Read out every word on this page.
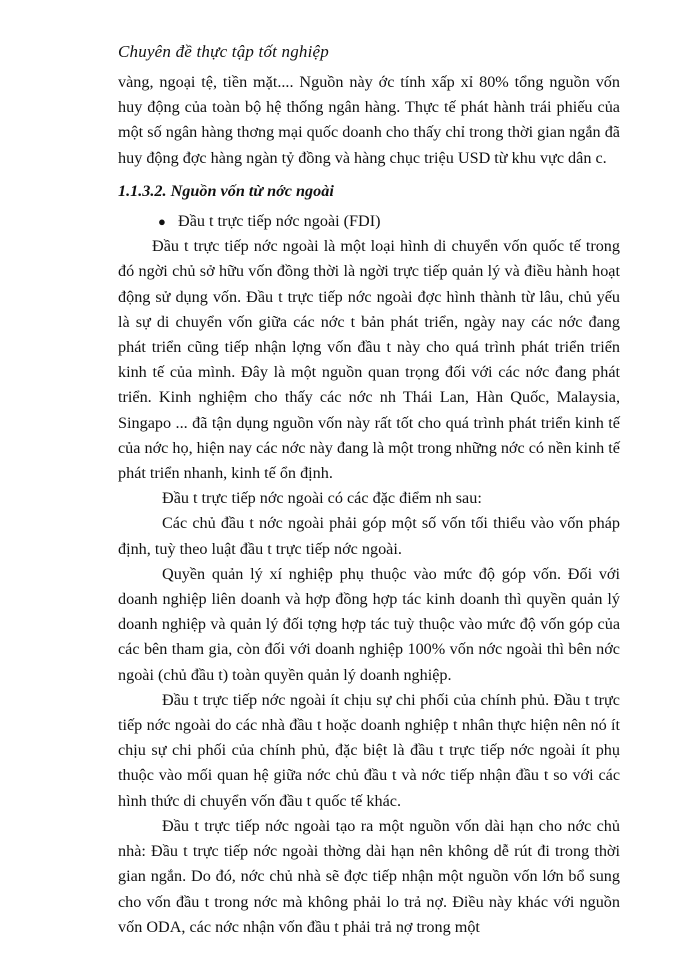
Chuyên đề thực tập tốt nghiệp

vàng, ngoại tệ, tiền mặt.... Nguồn này ớc tính xấp xỉ 80% tổng nguồn vốn huy động của toàn bộ hệ thống ngân hàng. Thực tế phát hành trái phiếu của một số ngân hàng thơng mại quốc doanh cho thấy chỉ trong thời gian ngắn đã huy động đợc hàng ngàn tỷ đồng và hàng chục triệu USD từ khu vực dân c.

1.1.3.2. Nguồn vốn từ nớc ngoài

● Đầu t trực tiếp nớc ngoài (FDI)

Đầu t trực tiếp nớc ngoài là một loại hình di chuyển vốn quốc tế trong đó ngời chủ sở hữu vốn đồng thời là ngời trực tiếp quản lý và điều hành hoạt động sử dụng vốn. Đầu t trực tiếp nớc ngoài đợc hình thành từ lâu, chủ yếu là sự di chuyển vốn giữa các nớc t bản phát triển, ngày nay các nớc đang phát triển cũng tiếp nhận lợng vốn đầu t này cho quá trình phát triển triển kinh tế của mình. Đây là một nguồn quan trọng đối với các nớc đang phát triển. Kinh nghiệm cho thấy các nớc nh Thái Lan, Hàn Quốc, Malaysia, Singapo ... đã tận dụng nguồn vốn này rất tốt cho quá trình phát triển kinh tế của nớc họ, hiện nay các nớc này đang là một trong những nớc có nền kinh tế phát triển nhanh, kinh tế ổn định.

Đầu t trực tiếp nớc ngoài có các đặc điểm nh sau:

Các chủ đầu t nớc ngoài phải góp một số vốn tối thiểu vào vốn pháp định, tuỳ theo luật đầu t trực tiếp nớc ngoài.

Quyền quản lý xí nghiệp phụ thuộc vào mức độ góp vốn. Đối với doanh nghiệp liên doanh và hợp đồng hợp tác kinh doanh thì quyền quản lý doanh nghiệp và quản lý đối tợng hợp tác tuỳ thuộc vào mức độ vốn góp của các bên tham gia, còn đối với doanh nghiệp 100% vốn nớc ngoài thì bên nớc ngoài (chủ đầu t) toàn quyền quản lý doanh nghiệp.

Đầu t trực tiếp nớc ngoài ít chịu sự chi phối của chính phủ. Đầu t trực tiếp nớc ngoài do các nhà đầu t hoặc doanh nghiệp t nhân thực hiện nên nó ít chịu sự chi phối của chính phủ, đặc biệt là đầu t trực tiếp nớc ngoài ít phụ thuộc vào mối quan hệ giữa nớc chủ đầu t và nớc tiếp nhận đầu t so với các hình thức di chuyển vốn đầu t quốc tế khác.

Đầu t trực tiếp nớc ngoài tạo ra một nguồn vốn dài hạn cho nớc chủ nhà: Đầu t trực tiếp nớc ngoài thờng dài hạn nên không dễ rút đi trong thời gian ngắn. Do đó, nớc chủ nhà sẽ đợc tiếp nhận một nguồn vốn lớn bổ sung cho vốn đầu t trong nớc mà không phải lo trả nợ. Điều này khác với nguồn vốn ODA, các nớc nhận vốn đầu t phải trả nợ trong một
